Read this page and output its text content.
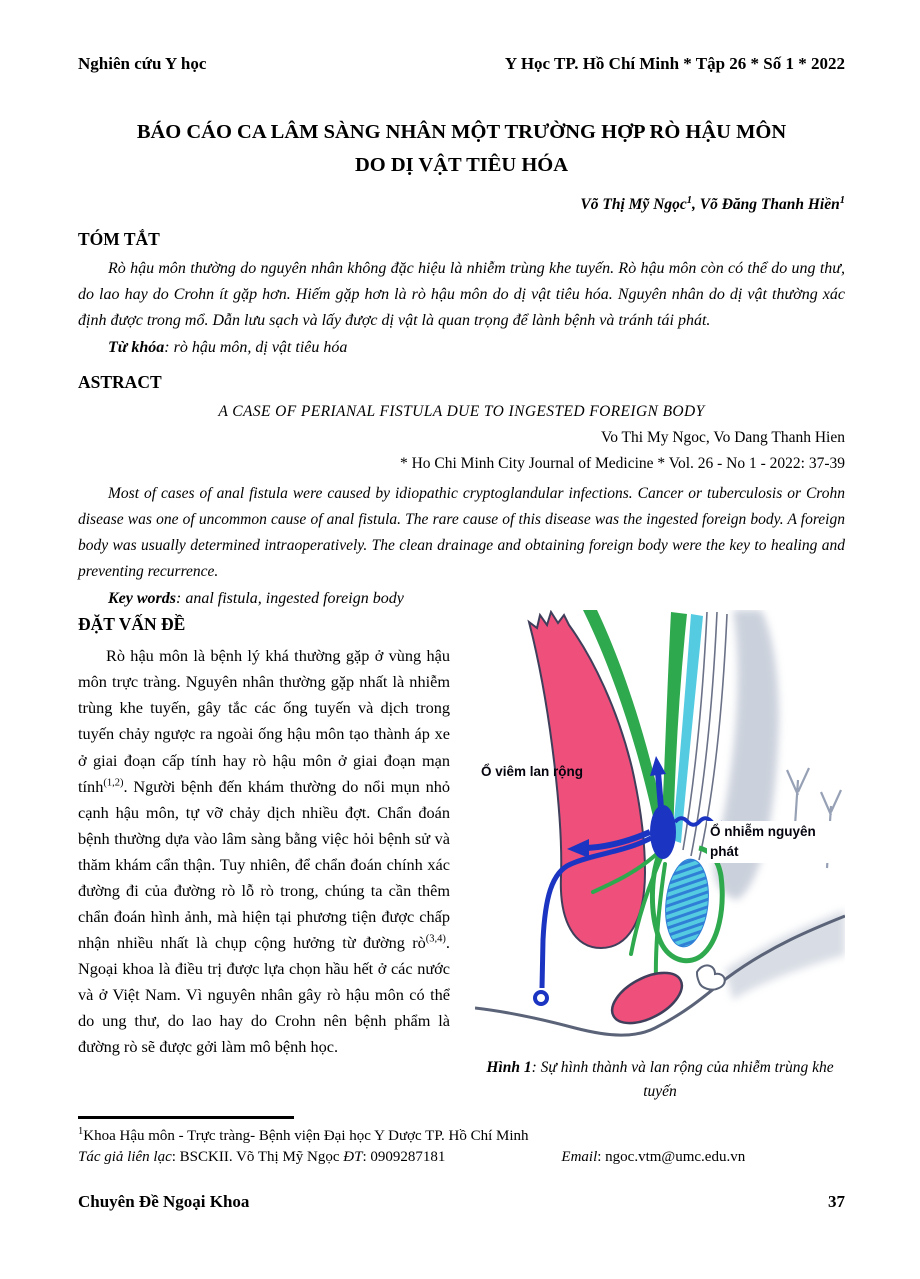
Nghiên cứu Y học	Y Học TP. Hồ Chí Minh * Tập 26 * Số 1 * 2022
BÁO CÁO CA LÂM SÀNG NHÂN MỘT TRƯỜNG HỢP RÒ HẬU MÔN
DO DỊ VẬT TIÊU HÓA
Võ Thị Mỹ Ngọc$^1$, Võ Đăng Thanh Hiền$^1$
TÓM TẮT

Rò hậu môn thường do nguyên nhân không đặc hiệu là nhiễm trùng khe tuyến. Rò hậu môn còn có thể do ung thư, do lao hay do Crohn ít gặp hơn. Hiếm gặp hơn là rò hậu môn do dị vật tiêu hóa. Nguyên nhân do dị vật thường xác định được trong mổ. Dẫn lưu sạch và lấy được dị vật là quan trọng để lành bệnh và tránh tái phát.

Từ khóa: rò hậu môn, dị vật tiêu hóa

ASTRACT
A CASE OF PERIANAL FISTULA DUE TO INGESTED FOREIGN BODY
Vo Thi My Ngoc, Vo Dang Thanh Hien
* Ho Chi Minh City Journal of Medicine * Vol. 26 - No 1 - 2022: 37-39

Most of cases of anal fistula were caused by idiopathic cryptoglandular infections. Cancer or tuberculosis or Crohn disease was one of uncommon cause of anal fistula. The rare cause of this disease was the ingested foreign body. A foreign body was usually determined intraoperatively. The clean drainage and obtaining foreign body were the key to healing and preventing recurrence.

Key words: anal fistula, ingested foreign body

ĐẶT VẤN ĐỀ

Rò hậu môn là bệnh lý khá thường gặp ở vùng hậu môn trực tràng. Nguyên nhân thường gặp nhất là nhiễm trùng khe tuyến, gây tắc các ống tuyến và dịch trong tuyến chảy ngược ra ngoài ống hậu môn tạo thành áp xe ở giai đoạn cấp tính hay rò hậu môn ở giai đoạn mạn tính$^{(1,2)}$. Người bệnh đến khám thường do nổi mụn nhỏ cạnh hậu môn, tự vỡ chảy dịch nhiều đợt. Chẩn đoán bệnh thường dựa vào lâm sàng bằng việc hỏi bệnh sử và thăm khám cẩn thận. Tuy nhiên, để chẩn đoán chính xác đường đi của đường rò lỗ rò trong, chúng ta cần thêm chẩn đoán hình ảnh, mà hiện tại phương tiện được chấp nhận nhiều nhất là chụp cộng hưởng từ đường rò$^{(3,4)}$. Ngoại khoa là điều trị được lựa chọn hầu hết ở các nước và ở Việt Nam. Vì nguyên nhân gây rò hậu môn có thể do ung thư, do lao hay do Crohn nên bệnh phẩm là đường rò sẽ được gởi làm mô bệnh học.

Ổ viêm lan rộng
Ổ nhiễm nguyên
phát
Hình 1: Sự hình thành và lan rộng của nhiễm trùng khe tuyến
$^1$Khoa Hậu môn - Trực tràng- Bệnh viện Đại học Y Dược TP. Hồ Chí Minh
Tác giả liên lạc: BSCKII. Võ Thị Mỹ Ngọc ĐT: 0909287181	Email: ngoc.vtm@umc.edu.vn
Chuyên Đề Ngoại Khoa	37
